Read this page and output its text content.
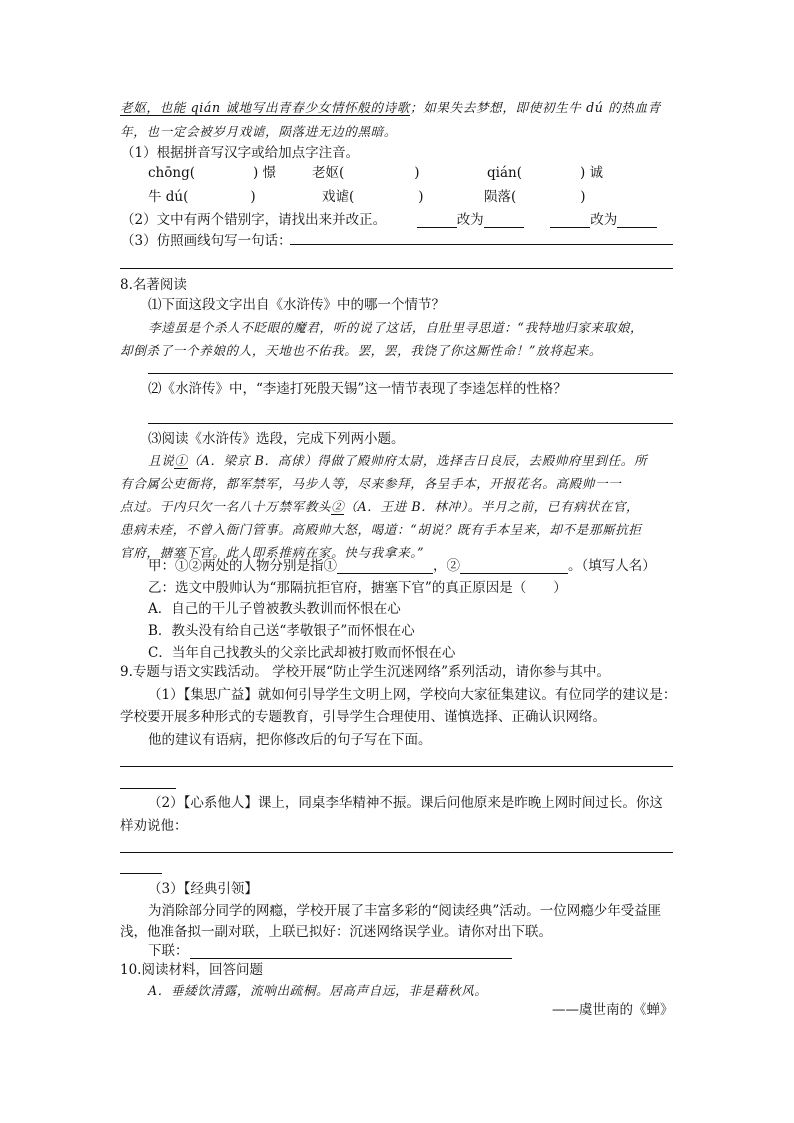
老妪，也能 qián 诚地写出青春少女情怀般的诗歌；如果失去梦想，即使初生牛 dú 的热血青
年，也一定会被岁月戏谑，陨落进无边的黑暗。
（1）根据拼音写汉字或给加点字注音。
chōng(	) 憬	老妪(	)	qián(	) 诚
牛 dú(	)	戏谑(	)	陨落(	)
（2）文中有两个错别字，请找出来并改正。	改为	改为
（3）仿照画线句写一句话：
8.名著阅读
⑴下面这段文字出自《水浒传》中的哪一个情节？
李逵虽是个杀人不眨眼的魔君，听的说了这话，自肚里寻思道：“我特地归家来取娘，
却倒杀了一个养娘的人，天地也不佑我。罢，罢，我饶了你这厮性命！”放将起来。
⑵《水浒传》中，“李逵打死殷天锡”这一情节表现了李逵怎样的性格？
⑶阅读《水浒传》选段，完成下列两小题。
且说①（A．梁京 B．高俅）得做了殿帅府太尉，选择吉日良辰，去殿帅府里到任。所
有合属公吏衙将，都军禁军，马步人等，尽来参拜，各呈手本，开报花名。高殿帅一一
点过。于内只欠一名八十万禁军教头②（A．王进 B．林冲）。半月之前，已有病状在官，
患病未痊，不曾入衙门管事。高殿帅大怒，喝道：“胡说？既有手本呈来，却不是那厮抗拒
官府，搪塞下官。此人即系推病在家。快与我拿来。”
甲：①②两处的人物分别是指①	，②	。（填写人名）
乙：选文中殷帅认为“那隔抗拒官府，搪塞下官”的真正原因是（　　）
A．自己的干儿子曾被教头教训而怀恨在心
B．教头没有给自己送“孝敬银子”而怀恨在心
C．当年自己找教头的父亲比武却被打败而怀恨在心
9.专题与语文实践活动。 学校开展“防止学生沉迷网络”系列活动，请你参与其中。
（1）【集思广益】就如何引导学生文明上网，学校向大家征集建议。有位同学的建议是：
学校要开展多种形式的专题教育，引导学生合理使用、谨慎选择、正确认识网络。
他的建议有语病，把你修改后的句子写在下面。
（2）【心系他人】课上，同桌李华精神不振。课后问他原来是昨晚上网时间过长。你这
样劝说他：
（3）【经典引领】
为消除部分同学的网瘾，学校开展了丰富多彩的“阅读经典”活动。一位网瘾少年受益匪
浅，他准备拟一副对联，上联已拟好：沉迷网络误学业。请你对出下联。
下联：
10.阅读材料，回答问题
A．垂緌饮清露，流响出疏桐。居高声自远，非是藉秋风。
——虞世南的《蝉》
